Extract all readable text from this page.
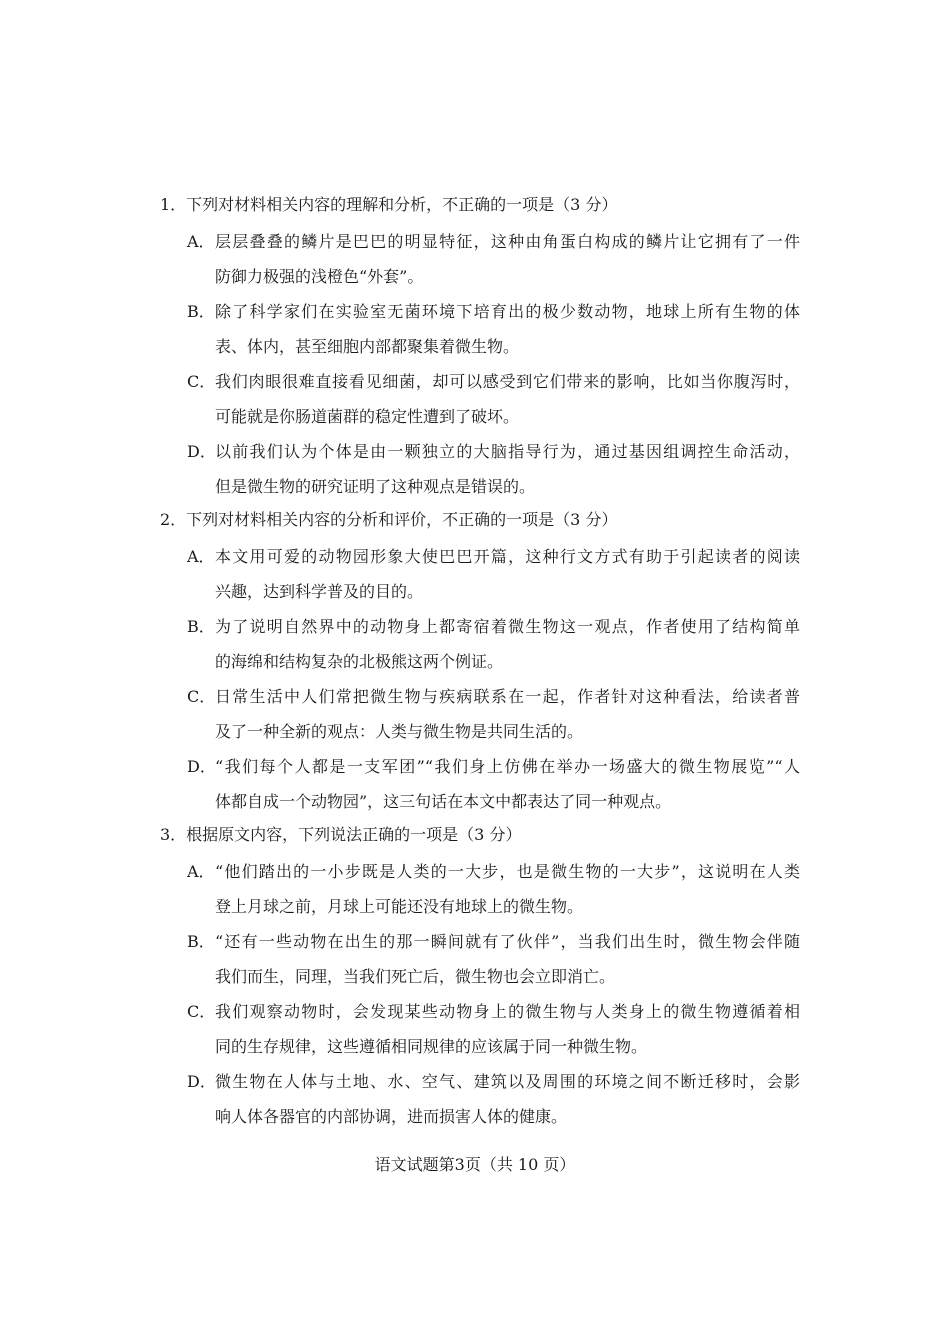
1．下列对材料相关内容的理解和分析，不正确的一项是（3 分）
A． 层层叠叠的鳞片是巴巴的明显特征，这种由角蛋白构成的鳞片让它拥有了一件
防御力极强的浅橙色“外套”。
B． 除了科学家们在实验室无菌环境下培育出的极少数动物，地球上所有生物的体
表、体内，甚至细胞内部都聚集着微生物。
C． 我们肉眼很难直接看见细菌，却可以感受到它们带来的影响，比如当你腹泻时，
可能就是你肠道菌群的稳定性遭到了破坏。
D． 以前我们认为个体是由一颗独立的大脑指导行为，通过基因组调控生命活动，
但是微生物的研究证明了这种观点是错误的。
2．下列对材料相关内容的分析和评价，不正确的一项是（3 分）
A． 本文用可爱的动物园形象大使巴巴开篇，这种行文方式有助于引起读者的阅读
兴趣，达到科学普及的目的。
B． 为了说明自然界中的动物身上都寄宿着微生物这一观点，作者使用了结构简单
的海绵和结构复杂的北极熊这两个例证。
C． 日常生活中人们常把微生物与疾病联系在一起，作者针对这种看法，给读者普
及了一种全新的观点：人类与微生物是共同生活的。
D． “我们每个人都是一支军团”“我们身上仿佛在举办一场盛大的微生物展览”“人
体都自成一个动物园”，这三句话在本文中都表达了同一种观点。
3．根据原文内容，下列说法正确的一项是（3 分）
A． “他们踏出的一小步既是人类的一大步，也是微生物的一大步”，这说明在人类
登上月球之前，月球上可能还没有地球上的微生物。
B． “还有一些动物在出生的那一瞬间就有了伙伴”，当我们出生时，微生物会伴随
我们而生，同理，当我们死亡后，微生物也会立即消亡。
C． 我们观察动物时，会发现某些动物身上的微生物与人类身上的微生物遵循着相
同的生存规律，这些遵循相同规律的应该属于同一种微生物。
D． 微生物在人体与土地、水、空气、建筑以及周围的环境之间不断迁移时，会影
响人体各器官的内部协调，进而损害人体的健康。
语文试题第3页（共 10 页）
